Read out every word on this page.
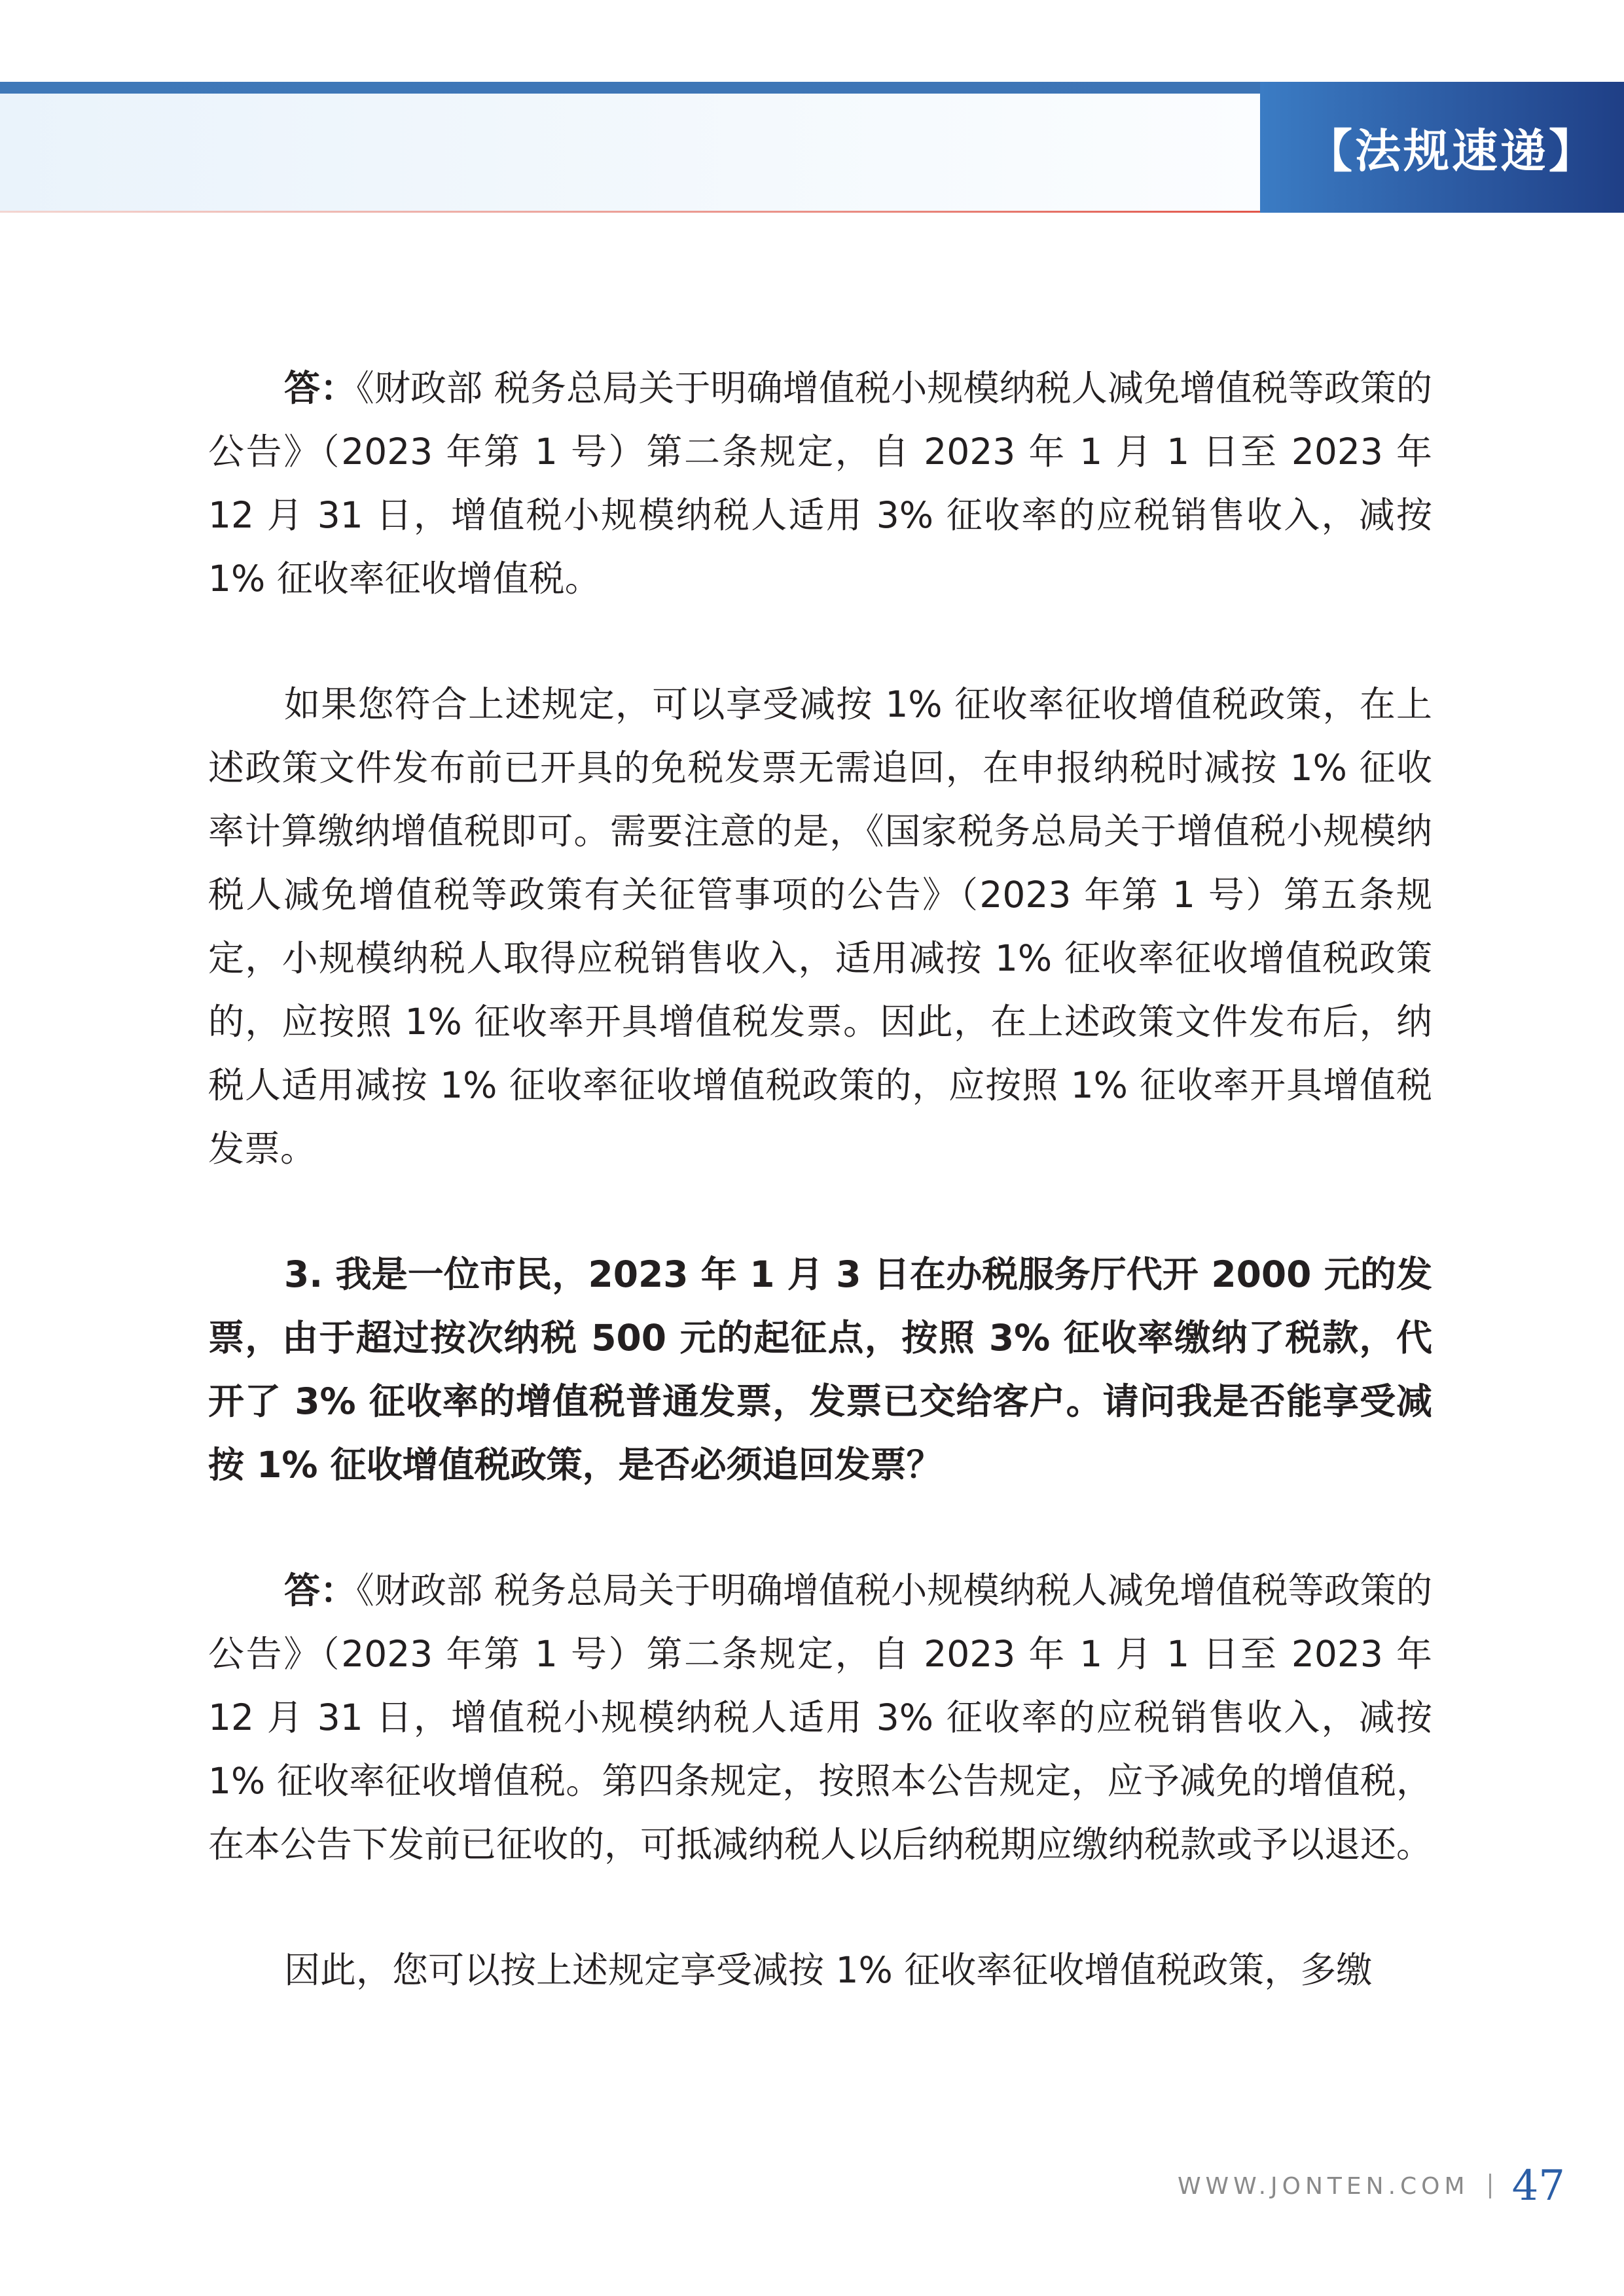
【法规速递】

答：《财政部 税务总局关于明确增值税小规模纳税人减免增值税等政策的公告》（2023 年第 1 号）第二条规定，自 2023 年 1 月 1 日至 2023 年 12 月 31 日，增值税小规模纳税人适用 3% 征收率的应税销售收入，减按 1% 征收率征收增值税。

如果您符合上述规定，可以享受减按 1% 征收率征收增值税政策，在上述政策文件发布前已开具的免税发票无需追回，在申报纳税时减按 1% 征收率计算缴纳增值税即可。需要注意的是，《国家税务总局关于增值税小规模纳税人减免增值税等政策有关征管事项的公告》（2023 年第 1 号）第五条规定，小规模纳税人取得应税销售收入，适用减按 1% 征收率征收增值税政策的，应按照 1% 征收率开具增值税发票。因此，在上述政策文件发布后，纳税人适用减按 1% 征收率征收增值税政策的，应按照 1% 征收率开具增值税发票。

3. 我是一位市民，2023 年 1 月 3 日在办税服务厅代开 2000 元的发票，由于超过按次纳税 500 元的起征点，按照 3% 征收率缴纳了税款，代开了 3% 征收率的增值税普通发票，发票已交给客户。请问我是否能享受减按 1% 征收增值税政策，是否必须追回发票？

答：《财政部 税务总局关于明确增值税小规模纳税人减免增值税等政策的公告》（2023 年第 1 号）第二条规定，自 2023 年 1 月 1 日至 2023 年 12 月 31 日，增值税小规模纳税人适用 3% 征收率的应税销售收入，减按 1% 征收率征收增值税。第四条规定，按照本公告规定，应予减免的增值税，在本公告下发前已征收的，可抵减纳税人以后纳税期应缴纳税款或予以退还。

因此，您可以按上述规定享受减按 1% 征收率征收增值税政策，多缴

WWW.JONTEN.COM 47
